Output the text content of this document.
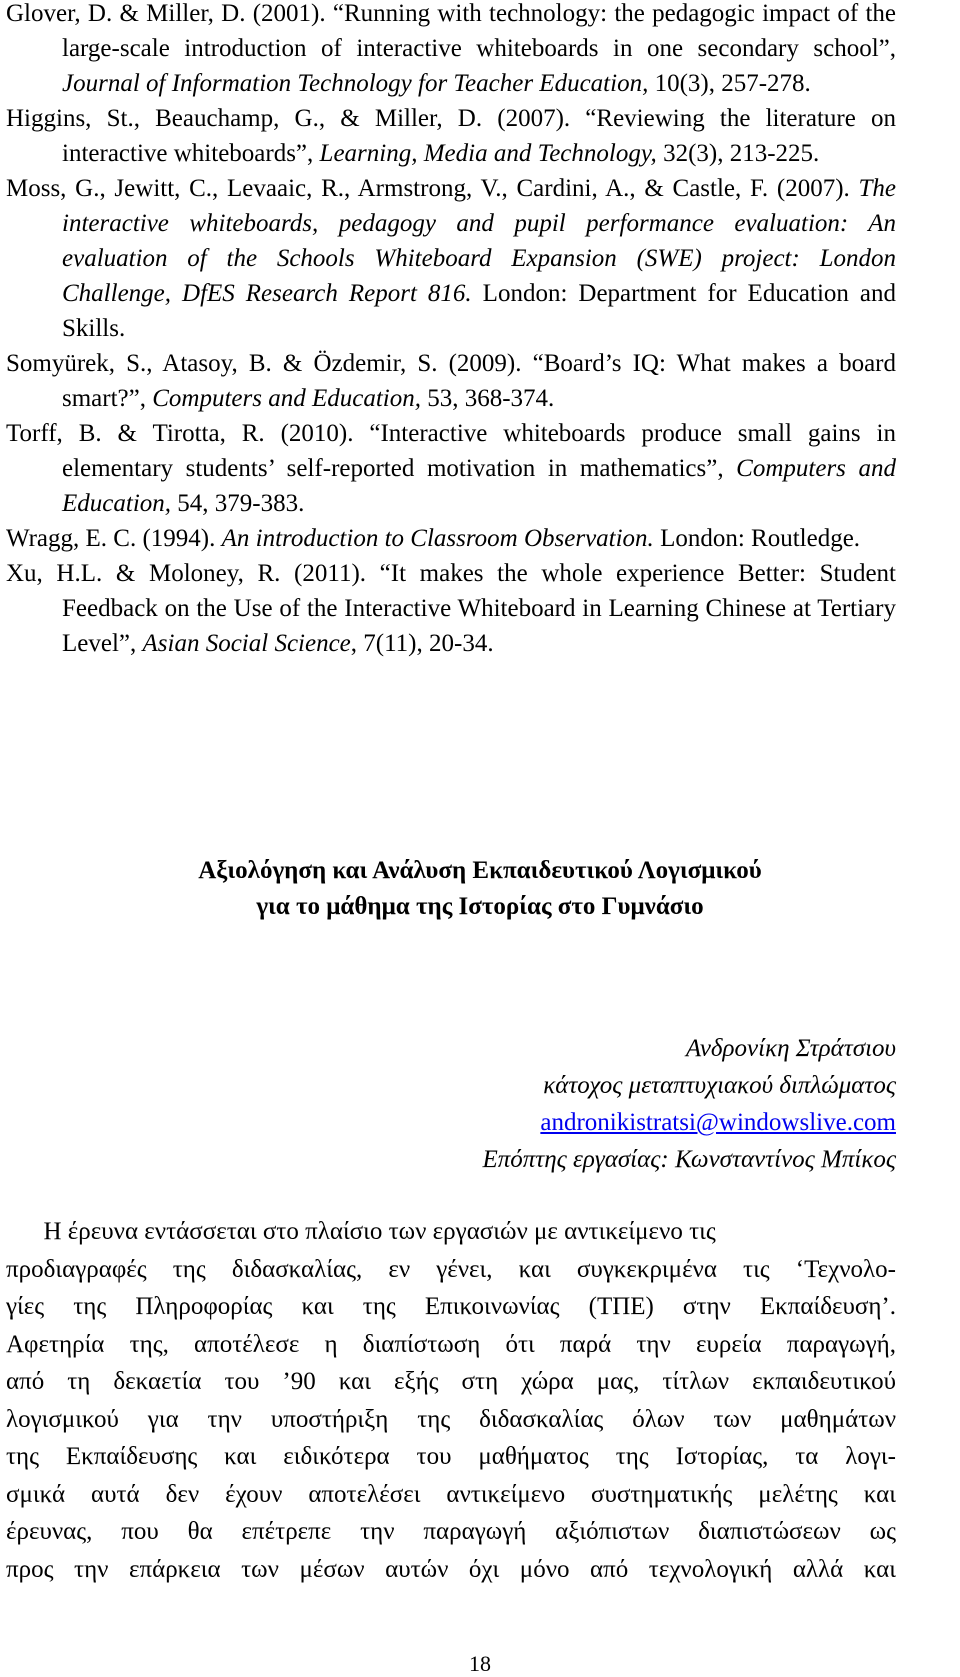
Glover, D. & Miller, D. (2001). “Running with technology: the pedagogic impact of the large-scale introduction of interactive whiteboards in one secondary school”, Journal of Information Technology for Teacher Education, 10(3), 257-278.

Higgins, St., Beauchamp, G., & Miller, D. (2007). “Reviewing the literature on interactive whiteboards”, Learning, Media and Technology, 32(3), 213-225.

Moss, G., Jewitt, C., Levaaic, R., Armstrong, V., Cardini, A., & Castle, F. (2007). The interactive whiteboards, pedagogy and pupil performance evaluation: An evaluation of the Schools Whiteboard Expansion (SWE) project: London Challenge, DfES Research Report 816. London: Department for Education and Skills.

Somyürek, S., Atasoy, B. & Özdemir, S. (2009). “Board’s IQ: What makes a board smart?”, Computers and Education, 53, 368-374.

Torff, B. & Tirotta, R. (2010). “Interactive whiteboards produce small gains in elementary students’ self-reported motivation in mathematics”, Computers and Education, 54, 379-383.

Wragg, E. C. (1994). An introduction to Classroom Observation. London: Routledge.

Xu, H.L. & Moloney, R. (2011). “It makes the whole experience Better: Student Feedback on the Use of the Interactive Whiteboard in Learning Chinese at Tertiary Level”, Asian Social Science, 7(11), 20-34.

Αξιολόγηση και Ανάλυση Εκπαιδευτικού Λογισμικού
για το μάθημα της Ιστορίας στο Γυμνάσιο
Ανδρονίκη Στράτσιου
κάτοχος μεταπτυχιακού διπλώματος
andronikistratsi@windowslive.com
Επόπτης εργασίας: Κωνσταντίνος Μπίκος
Η έρευνα εντάσσεται στο πλαίσιο των εργασιών με αντικείμενο τις
προδιαγραφές της διδασκαλίας, εν γένει, και συγκεκριμένα τις ‘Τεχνολο-
γίες της Πληροφορίας και της Επικοινωνίας (ΤΠΕ) στην Εκπαίδευση’.
Αφετηρία της, αποτέλεσε η διαπίστωση ότι παρά την ευρεία παραγωγή,
από τη δεκαετία του ’90 και εξής στη χώρα μας, τίτλων εκπαιδευτικού
λογισμικού για την υποστήριξη της διδασκαλίας όλων των μαθημάτων
της Εκπαίδευσης και ειδικότερα του μαθήματος της Ιστορίας, τα λογι-
σμικά αυτά δεν έχουν αποτελέσει αντικείμενο συστηματικής μελέτης και
έρευνας, που θα επέτρεπε την παραγωγή αξιόπιστων διαπιστώσεων ως
προς την επάρκεια των μέσων αυτών όχι μόνο από τεχνολογική αλλά και
18
